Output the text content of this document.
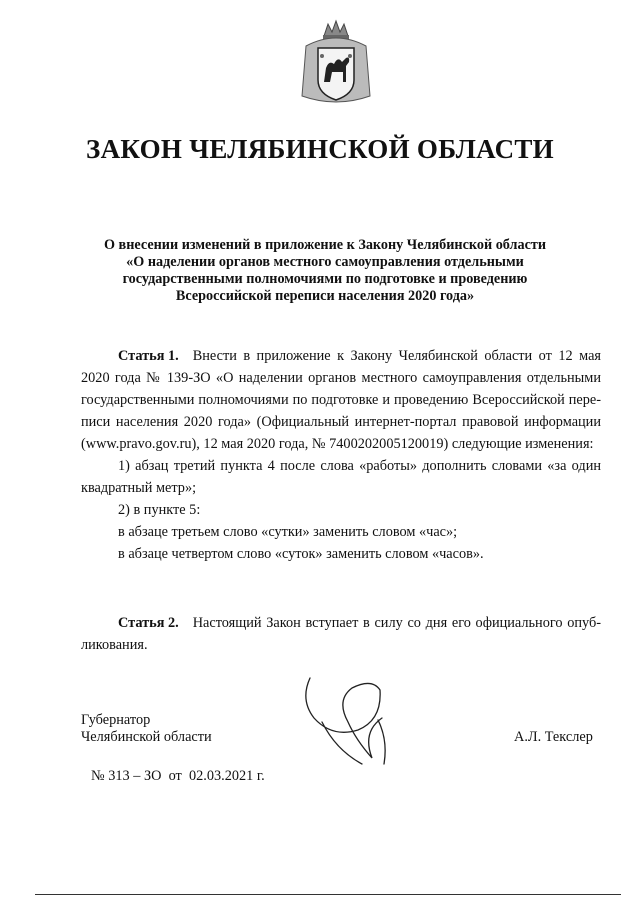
ЗАКОН ЧЕЛЯБИНСКОЙ ОБЛАСТИ
О внесении изменений в приложение к Закону Челябинской области
«О наделении органов местного самоуправления отдельными
государственными полномочиями по подготовке и проведению
Всероссийской переписи населения 2020 года»
Статья 1. Внести в приложение к Закону Челябинской области от 12 мая
2020 года № 139-ЗО «О наделении органов местного самоуправления отдельными
государственными полномочиями по подготовке и проведению Всероссийской пере-
писи населения 2020 года» (Официальный интернет-портал правовой информации
(www.pravo.gov.ru), 12 мая 2020 года, № 7400202005120019) следующие изменения:
1) абзац третий пункта 4 после слова «работы» дополнить словами «за один
квадратный метр»;
2) в пункте 5:
в абзаце третьем слово «сутки» заменить словом «час»;
в абзаце четвертом слово «суток» заменить словом «часов».
Статья 2. Настоящий Закон вступает в силу со дня его официального опуб-
ликования.
Губернатор
Челябинской области	А.Л. Текслер
№ 313 – ЗО  от  02.03.2021 г.
